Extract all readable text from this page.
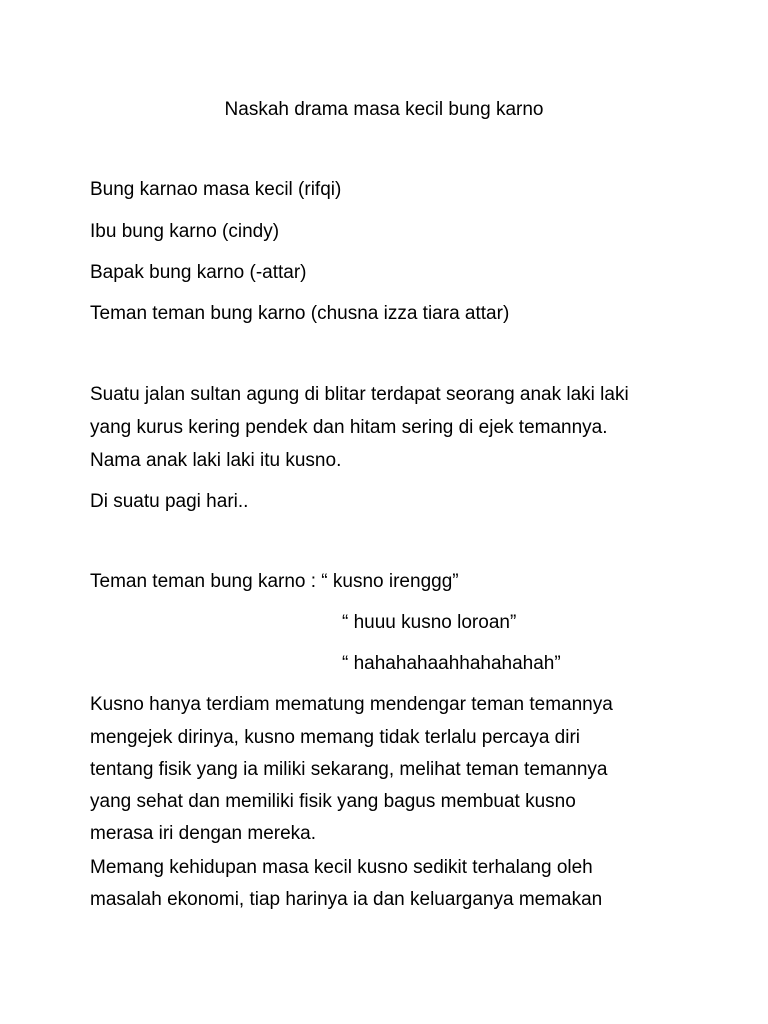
Naskah drama masa kecil bung karno
Bung karnao masa kecil (rifqi)
Ibu bung karno (cindy)
Bapak bung karno (-attar)
Teman teman bung karno (chusna izza tiara attar)
Suatu jalan sultan agung di blitar terdapat seorang anak laki laki
yang kurus kering pendek dan hitam sering di ejek temannya.
Nama anak laki laki itu kusno.
Di suatu pagi hari..
Teman teman bung karno : “ kusno irenggg”
“ huuu kusno loroan”
“ hahahahaahhahahahah”
Kusno hanya terdiam mematung mendengar teman temannya
mengejek dirinya, kusno memang tidak terlalu percaya diri
tentang fisik yang ia miliki sekarang, melihat teman temannya
yang sehat dan memiliki fisik yang bagus membuat kusno
merasa iri dengan mereka.
Memang kehidupan masa kecil kusno sedikit terhalang oleh
masalah ekonomi, tiap harinya ia dan keluarganya memakan
